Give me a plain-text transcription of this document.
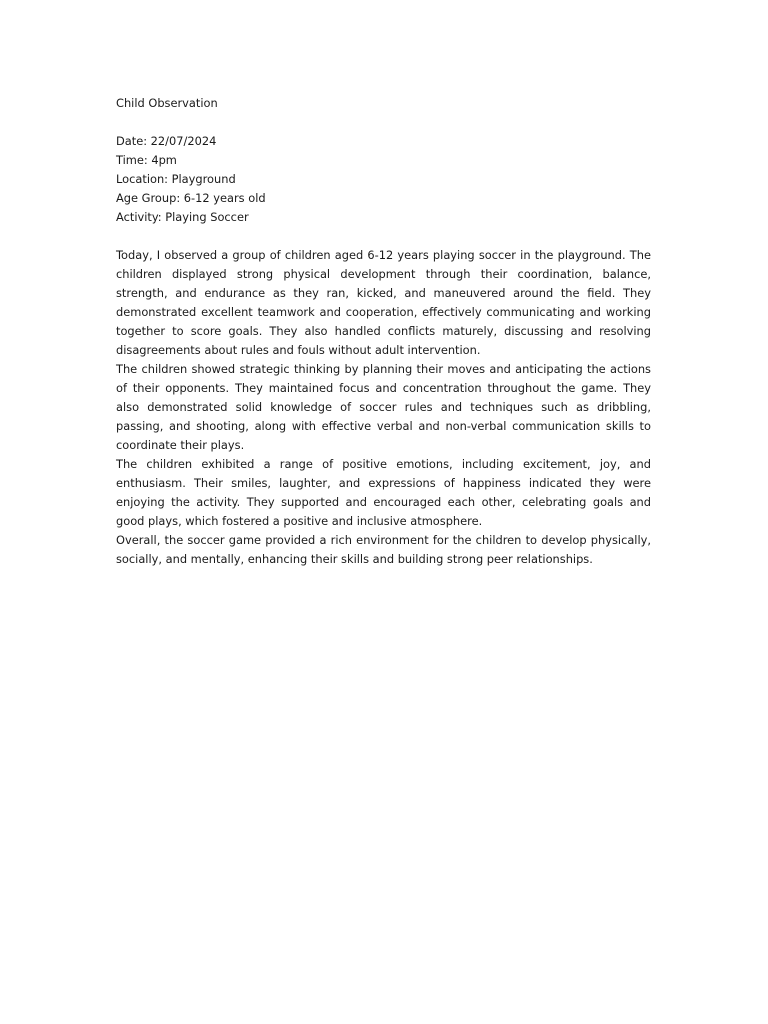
Child Observation

Date: 22/07/2024

Time: 4pm

Location: Playground

Age Group: 6-12 years old

Activity: Playing Soccer

Today, I observed a group of children aged 6-12 years playing soccer in the playground. The children displayed strong physical development through their coordination, balance, strength, and endurance as they ran, kicked, and maneuvered around the field. They demonstrated excellent teamwork and cooperation, effectively communicating and working together to score goals. They also handled conflicts maturely, discussing and resolving disagreements about rules and fouls without adult intervention.

The children showed strategic thinking by planning their moves and anticipating the actions of their opponents. They maintained focus and concentration throughout the game. They also demonstrated solid knowledge of soccer rules and techniques such as dribbling, passing, and shooting, along with effective verbal and non-verbal communication skills to coordinate their plays.

The children exhibited a range of positive emotions, including excitement, joy, and enthusiasm. Their smiles, laughter, and expressions of happiness indicated they were enjoying the activity. They supported and encouraged each other, celebrating goals and good plays, which fostered a positive and inclusive atmosphere.

Overall, the soccer game provided a rich environment for the children to develop physically, socially, and mentally, enhancing their skills and building strong peer relationships.
